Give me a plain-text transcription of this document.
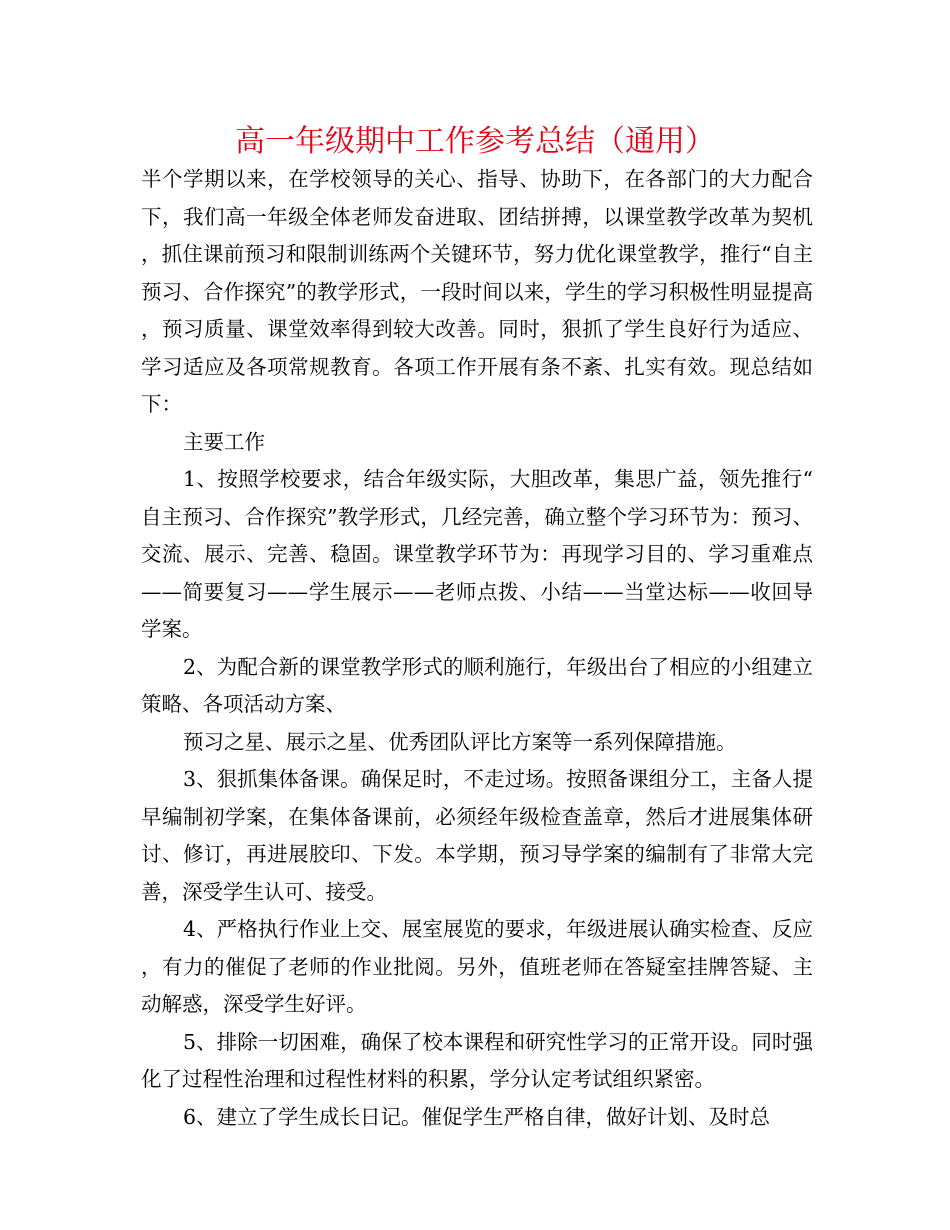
高一年级期中工作参考总结（通用）

半个学期以来，在学校领导的关心、指导、协助下，在各部门的大力配合下，我们高一年级全体老师发奋进取、团结拼搏，以课堂教学改革为契机，抓住课前预习和限制训练两个关键环节，努力优化课堂教学，推行“自主预习、合作探究”的教学形式，一段时间以来，学生的学习积极性明显提高，预习质量、课堂效率得到较大改善。同时，狠抓了学生良好行为适应、学习适应及各项常规教育。各项工作开展有条不紊、扎实有效。现总结如下：

主要工作

1、按照学校要求，结合年级实际，大胆改革，集思广益，领先推行“自主预习、合作探究”教学形式，几经完善，确立整个学习环节为：预习、交流、展示、完善、稳固。课堂教学环节为：再现学习目的、学习重难点——简要复习——学生展示——老师点拨、小结——当堂达标——收回导学案。

2、为配合新的课堂教学形式的顺利施行，年级出台了相应的小组建立策略、各项活动方案、

预习之星、展示之星、优秀团队评比方案等一系列保障措施。

3、狠抓集体备课。确保足时，不走过场。按照备课组分工，主备人提早编制初学案，在集体备课前，必须经年级检查盖章，然后才进展集体研讨、修订，再进展胶印、下发。本学期，预习导学案的编制有了非常大完善，深受学生认可、接受。

4、严格执行作业上交、展室展览的要求，年级进展认确实检查、反应，有力的催促了老师的作业批阅。另外，值班老师在答疑室挂牌答疑、主动解惑，深受学生好评。

5、排除一切困难，确保了校本课程和研究性学习的正常开设。同时强化了过程性治理和过程性材料的积累，学分认定考试组织紧密。

6、建立了学生成长日记。催促学生严格自律，做好计划、及时总
